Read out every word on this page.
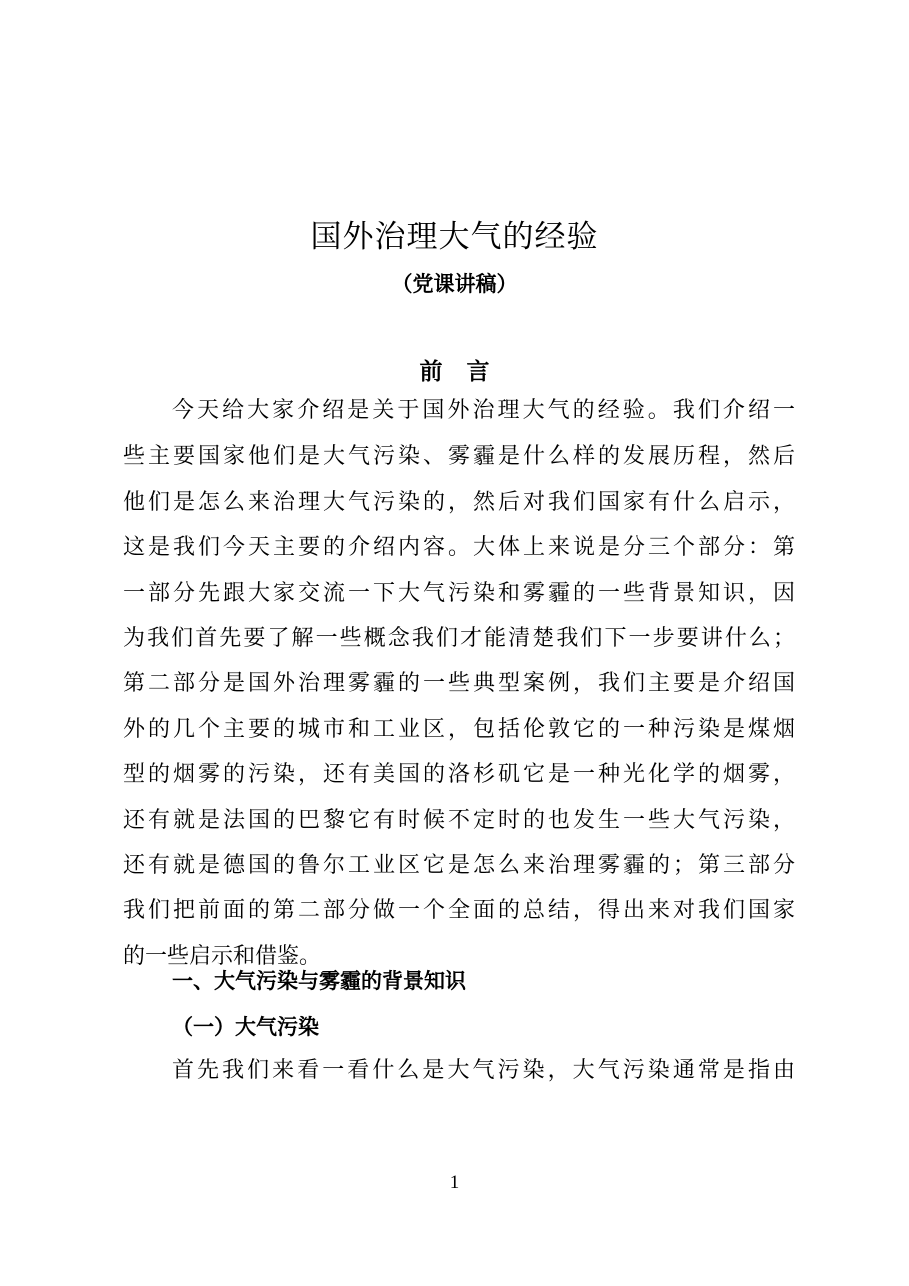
国外治理大气的经验
（党课讲稿）
前言
今天给大家介绍是关于国外治理大气的经验。我们介绍一
些主要国家他们是大气污染、雾霾是什么样的发展历程，然后
他们是怎么来治理大气污染的，然后对我们国家有什么启示，
这是我们今天主要的介绍内容。大体上来说是分三个部分：第
一部分先跟大家交流一下大气污染和雾霾的一些背景知识，因
为我们首先要了解一些概念我们才能清楚我们下一步要讲什么；
第二部分是国外治理雾霾的一些典型案例，我们主要是介绍国
外的几个主要的城市和工业区，包括伦敦它的一种污染是煤烟
型的烟雾的污染，还有美国的洛杉矶它是一种光化学的烟雾，
还有就是法国的巴黎它有时候不定时的也发生一些大气污染，
还有就是德国的鲁尔工业区它是怎么来治理雾霾的；第三部分
我们把前面的第二部分做一个全面的总结，得出来对我们国家
的一些启示和借鉴。
一、大气污染与雾霾的背景知识
（一）大气污染
首先我们来看一看什么是大气污染，大气污染通常是指由
1
